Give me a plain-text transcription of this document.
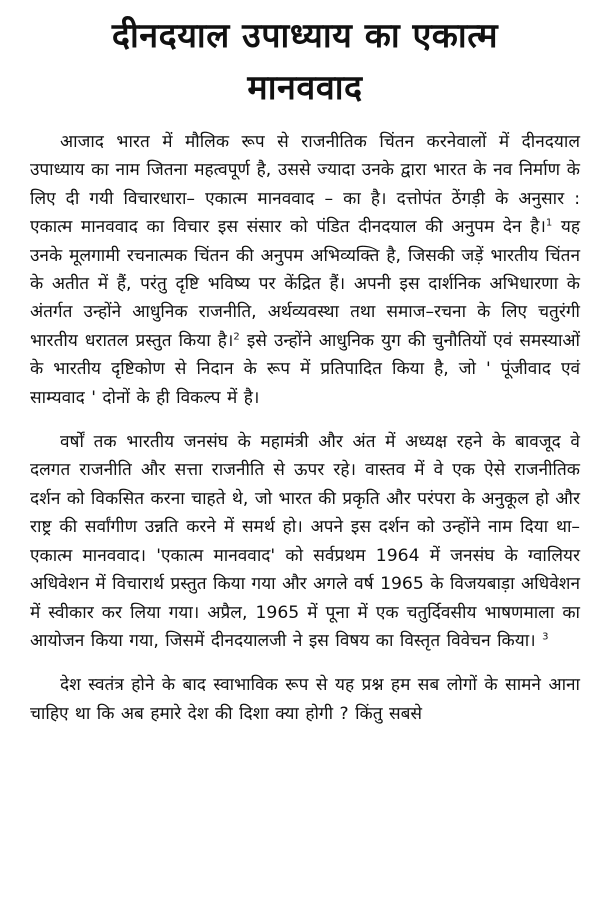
दीनदयाल उपाध्याय का एकात्म
मानववाद

आजाद भारत में मौलिक रूप से राजनीतिक चिंतन करनेवालों में दीनदयाल उपाध्याय का नाम जितना महत्वपूर्ण है, उससे ज्यादा उनके द्वारा भारत के नव निर्माण के लिए दी गयी विचारधारा– एकात्म मानववाद – का है। दत्तोपंत ठेंगड़ी के अनुसार : एकात्म मानववाद का विचार इस संसार को पंडित दीनदयाल की अनुपम देन है।$^1$ यह उनके मूलगामी रचनात्मक चिंतन की अनुपम अभिव्यक्ति है, जिसकी जड़ें भारतीय चिंतन के अतीत में हैं, परंतु दृष्टि भविष्य पर केंद्रित हैं। अपनी इस दार्शनिक अभिधारणा के अंतर्गत उन्होंने आधुनिक राजनीति, अर्थव्यवस्था तथा समाज–रचना के लिए चतुरंगी भारतीय धरातल प्रस्तुत किया है।$^2$ इसे उन्होंने आधुनिक युग की चुनौतियों एवं समस्याओं के भारतीय दृष्टिकोण से निदान के रूप में प्रतिपादित किया है, जो ' पूंजीवाद एवं साम्यवाद ' दोनों के ही विकल्प में है।

वर्षों तक भारतीय जनसंघ के महामंत्री और अंत में अध्यक्ष रहने के बावजूद वे दलगत राजनीति और सत्ता राजनीति से ऊपर रहे। वास्तव में वे एक ऐसे राजनीतिक दर्शन को विकसित करना चाहते थे, जो भारत की प्रकृति और परंपरा के अनुकूल हो और राष्ट्र की सर्वांगीण उन्नति करने में समर्थ हो। अपने इस दर्शन को उन्होंने नाम दिया था– एकात्म मानववाद। 'एकात्म मानववाद' को सर्वप्रथम 1964 में जनसंघ के ग्वालियर अधिवेशन में विचारार्थ प्रस्तुत किया गया और अगले वर्ष 1965 के विजयबाड़ा अधिवेशन में स्वीकार कर लिया गया। अप्रैल, 1965 में पूना में एक चतुर्दिवसीय भाषणमाला का आयोजन किया गया, जिसमें दीनदयालजी ने इस विषय का विस्तृत विवेचन किया। $^3$

देश स्वतंत्र होने के बाद स्वाभाविक रूप से यह प्रश्न हम सब लोगों के सामने आना चाहिए था कि अब हमारे देश की दिशा क्या होगी ? किंतु सबसे
